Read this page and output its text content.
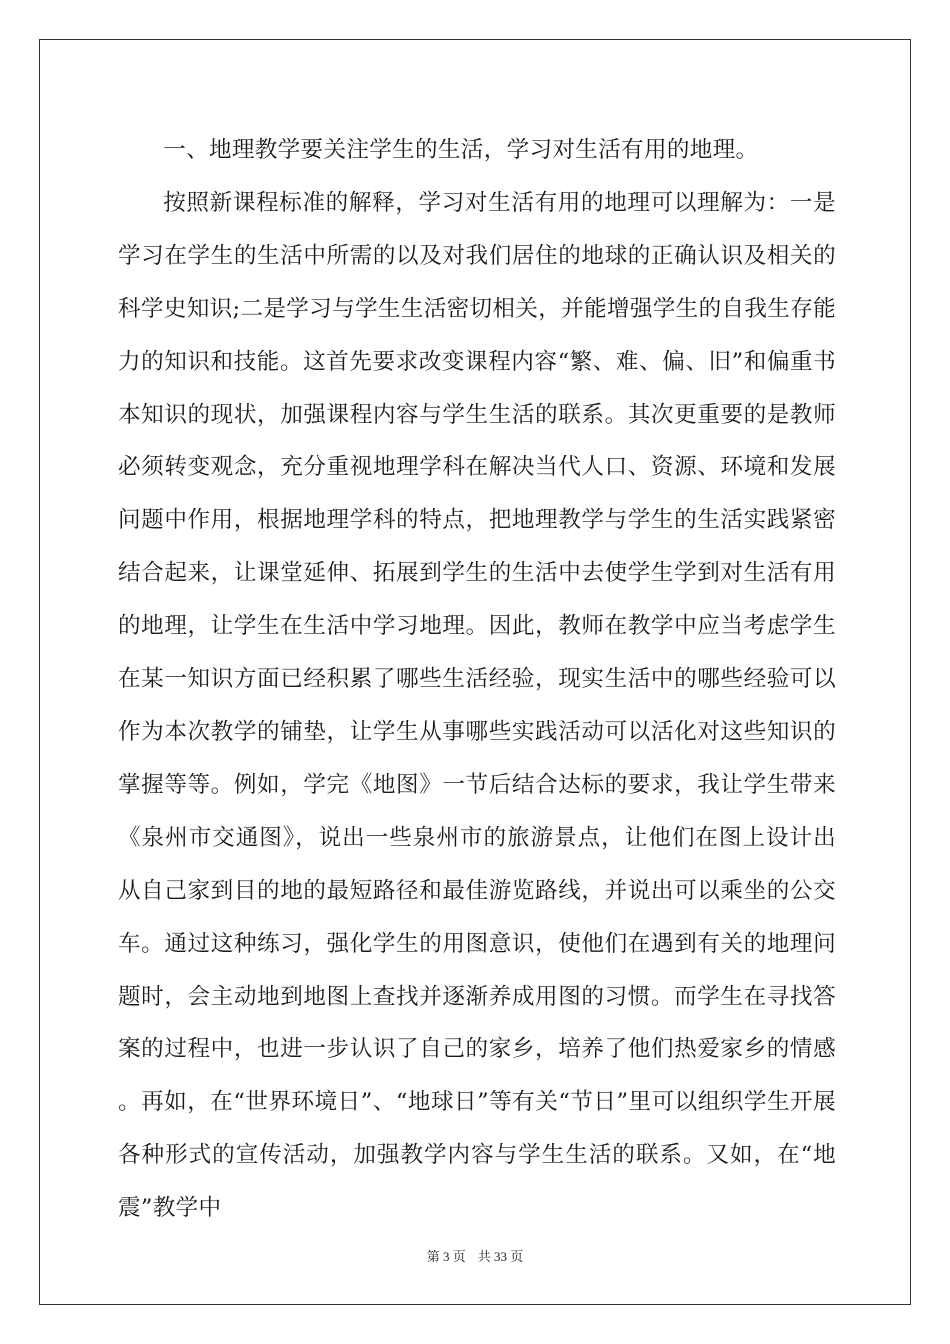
一、地理教学要关注学生的生活，学习对生活有用的地理。

按照新课程标准的解释，学习对生活有用的地理可以理解为：一是学习在学生的生活中所需的以及对我们居住的地球的正确认识及相关的科学史知识;二是学习与学生生活密切相关，并能增强学生的自我生存能力的知识和技能。这首先要求改变课程内容“繁、难、偏、旧”和偏重书本知识的现状，加强课程内容与学生生活的联系。其次更重要的是教师必须转变观念，充分重视地理学科在解决当代人口、资源、环境和发展问题中作用，根据地理学科的特点，把地理教学与学生的生活实践紧密结合起来，让课堂延伸、拓展到学生的生活中去使学生学到对生活有用的地理，让学生在生活中学习地理。因此，教师在教学中应当考虑学生在某一知识方面已经积累了哪些生活经验，现实生活中的哪些经验可以作为本次教学的铺垫，让学生从事哪些实践活动可以活化对这些知识的掌握等等。例如，学完《地图》一节后结合达标的要求，我让学生带来《泉州市交通图》，说出一些泉州市的旅游景点，让他们在图上设计出从自己家到目的地的最短路径和最佳游览路线，并说出可以乘坐的公交车。通过这种练习，强化学生的用图意识，使他们在遇到有关的地理问题时，会主动地到地图上查找并逐渐养成用图的习惯。而学生在寻找答案的过程中，也进一步认识了自己的家乡，培养了他们热爱家乡的情感。再如，在“世界环境日”、“地球日”等有关“节日”里可以组织学生开展各种形式的宣传活动，加强教学内容与学生生活的联系。又如，在“地震”教学中

第 3 页 共 33 页
